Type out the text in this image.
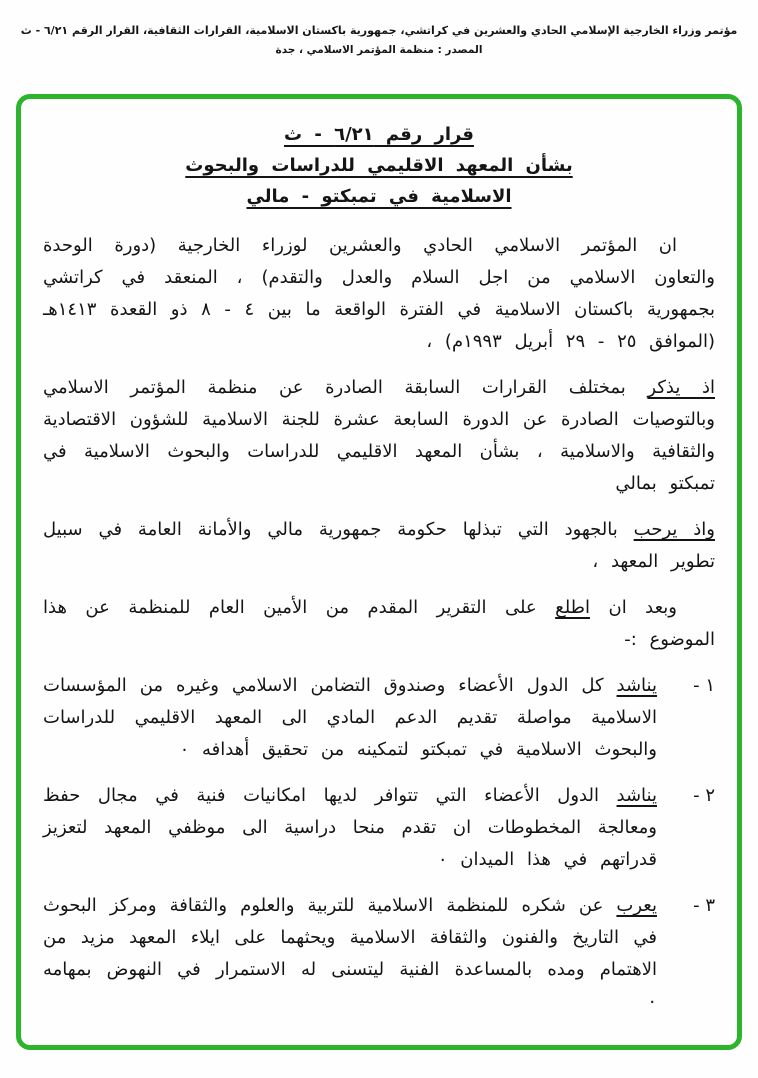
مؤتمر وزراء الخارجية الإسلامي الحادي والعشرين في كراتشي، جمهورية باكستان الاسلامية، القرارات الثقافية، القرار الرقم ٦/٢١ - ث
المصدر : منظمة المؤتمر الاسلامي ، جدة
قرار رقم ٦/٢١ - ث
بشأن المعهد الاقليمي للدراسات والبحوث
الاسلامية في تمبكتو - مالي

ان المؤتمر الاسلامي الحادي والعشرين لوزراء الخارجية (دورة الوحدة والتعاون الاسلامي من اجل السلام والعدل والتقدم) ، المنعقد في كراتشي بجمهورية باكستان الاسلامية في الفترة الواقعة ما بين ٤ - ٨ ذو القعدة ١٤١٣هـ (الموافق ٢٥ - ٢٩ أبريل ١٩٩٣م) ،

اذ يذكر بمختلف القرارات السابقة الصادرة عن منظمة المؤتمر الاسلامي وبالتوصيات الصادرة عن الدورة السابعة عشرة للجنة الاسلامية للشؤون الاقتصادية والثقافية والاسلامية ، بشأن المعهد الاقليمي للدراسات والبحوث الاسلامية في تمبكتو بمالي

واذ يرحب بالجهود التي تبذلها حكومة جمهورية مالي والأمانة العامة في سبيل تطوير المعهد ،

وبعد ان اطلع على التقرير المقدم من الأمين العام للمنظمة عن هذا الموضوع :-

١ -

يناشد كل الدول الأعضاء وصندوق التضامن الاسلامي وغيره من المؤسسات الاسلامية مواصلة تقديم الدعم المادي الى المعهد الاقليمي للدراسات والبحوث الاسلامية في تمبكتو لتمكينه من تحقيق أهدافه ٠

٢ -

يناشد الدول الأعضاء التي تتوافر لديها امكانيات فنية في مجال حفظ ومعالجة المخطوطات ان تقدم منحا دراسية الى موظفي المعهد لتعزيز قدراتهم في هذا الميدان ٠

٣ -

يعرب عن شكره للمنظمة الاسلامية للتربية والعلوم والثقافة ومركز البحوث في التاريخ والفنون والثقافة الاسلامية ويحثهما على ايلاء المعهد مزيد من الاهتمام ومده بالمساعدة الفنية ليتسنى له الاستمرار في النهوض بمهامه ٠
